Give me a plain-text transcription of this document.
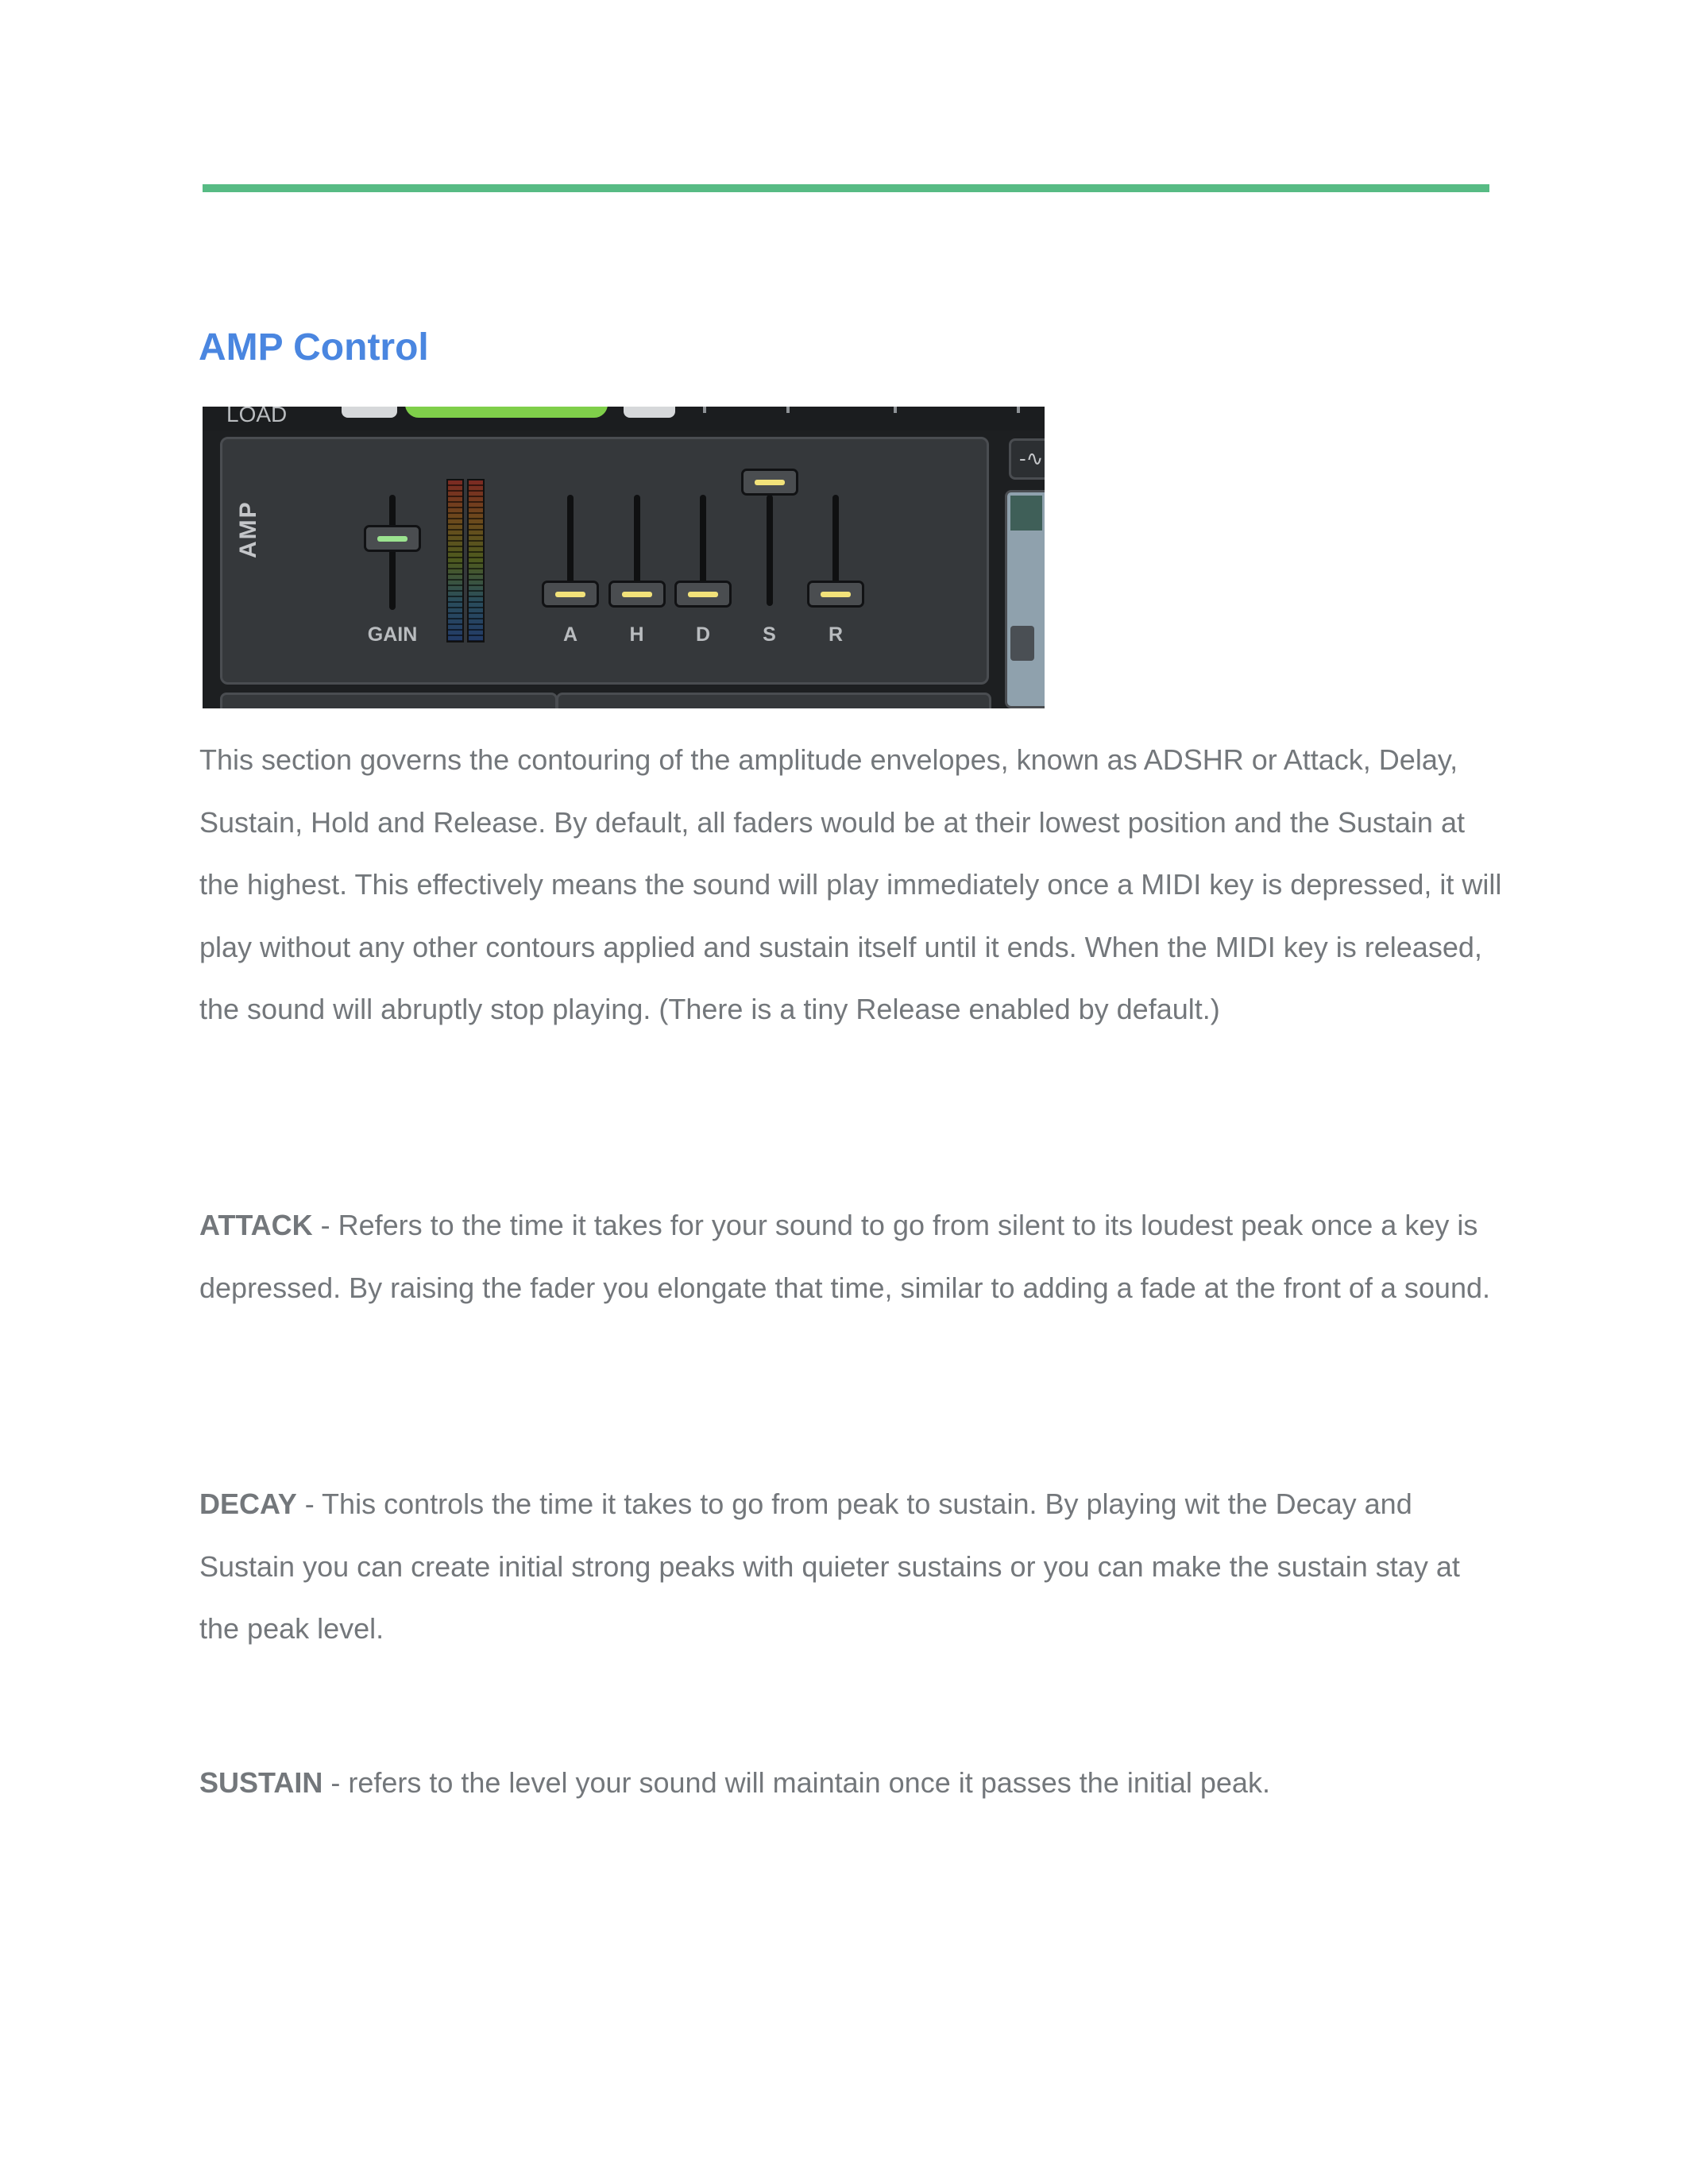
AMP Control
LOAD
AMP
GAIN	A	H	D	S	R
-∿

This section governs the contouring of the amplitude envelopes, known as ADSHR or Attack, Delay, Sustain, Hold and Release. By default, all faders would be at their lowest position and the Sustain at the highest. This effectively means the sound will play immediately once a MIDI key is depressed, it will play without any other contours applied and sustain itself until it ends. When the MIDI key is released, the sound will abruptly stop playing. (There is a tiny Release enabled by default.)

ATTACK - Refers to the time it takes for your sound to go from silent to its loudest peak once a key is depressed. By raising the fader you elongate that time, similar to adding a fade at the front of a sound.

DECAY - This controls the time it takes to go from peak to sustain. By playing wit the Decay and Sustain you can create initial strong peaks with quieter sustains or you can make the sustain stay at the peak level.

SUSTAIN - refers to the level your sound will maintain once it passes the initial peak.
